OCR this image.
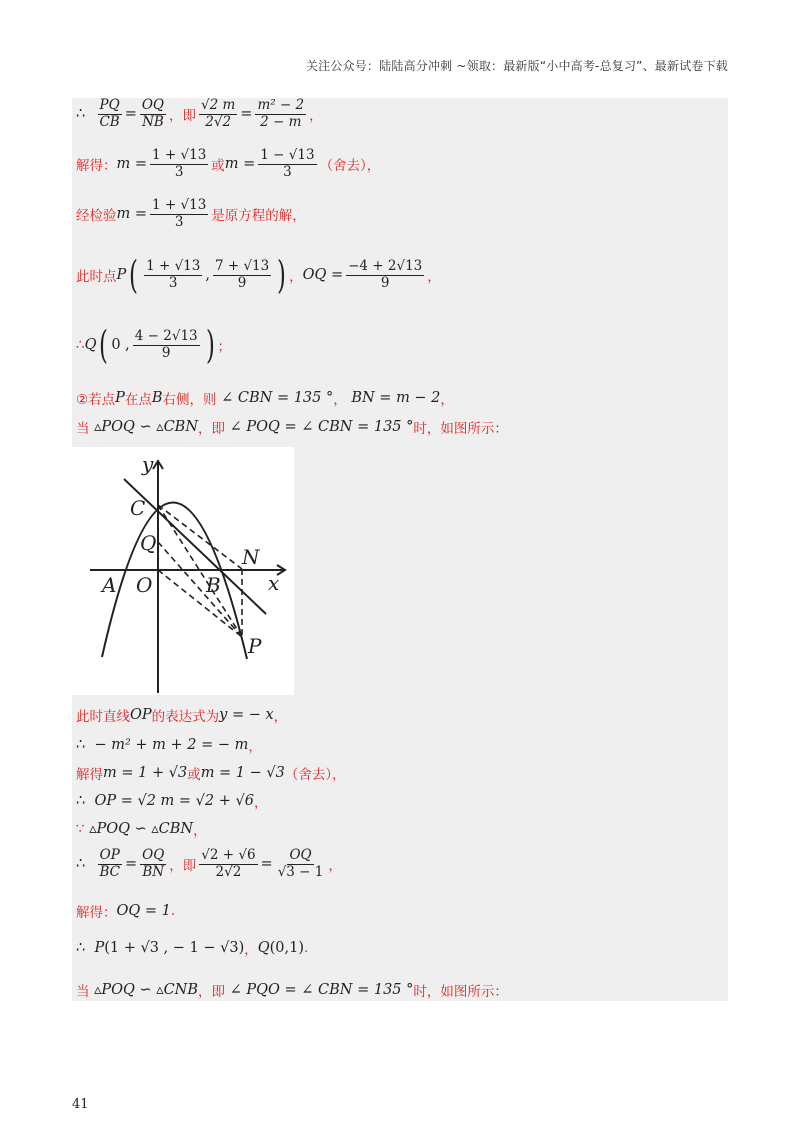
关注公众号：陆陆高分冲刺 ~领取：最新版“小中高考-总复习”、最新试卷下载
∴
$\frac{PQ}{CB} = \frac{OQ}{NB}$ ，即 $\frac{√2 m}{2√2} = \frac{\text{m² − 2}}{2 - m}$ ，
解得： $m = \frac{1 + √13}{3}$ 或 $m = \frac{1 - √13}{3}$ （舍去），
经检验 $m = \frac{1 + √13}{3}$ 是原方程的解，
此时点 P ( $\frac{1 + √13}{3}$ , $\frac{7 + √13}{9}$ ) ， OQ = $\frac{-4 + 2√13}{9}$ ，
∴ Q ( 0 , $\frac{4 - 2√13}{9}$ ) ；
②若点 P 在点 B 右侧，则
∠ CBN = 135 ° ，
BN = m − 2 ，
当
▵POQ ∽ ▵CBN ，即
∠ POQ = ∠ CBN = 135 ° 时，如图所示：
此时直线 OP 的表达式为 y = − x ，
∴
− m² + m + 2 = − m ，
解得 m = 1 + √3 或 m = 1 − √3 （舍去），
∴
OP = √2 m = √2 + √6 ，
∵
▵POQ ∽ ▵CBN ，
∴
$\frac{OP}{BC} = \frac{OQ}{BN}$ ，即 $\frac{√2 + √6}{2√2} = \frac{OQ}{√3 - 1}$ ，
解得： OQ = 1 .
∴
P (1 + √3 , − 1 − √3) ， Q (0,1) .
当
▵POQ ∽ ▵CNB ，即
∠ PQO = ∠ CBN = 135 ° 时，如图所示：
y
x
C
Q
N
A O	B
P
41
